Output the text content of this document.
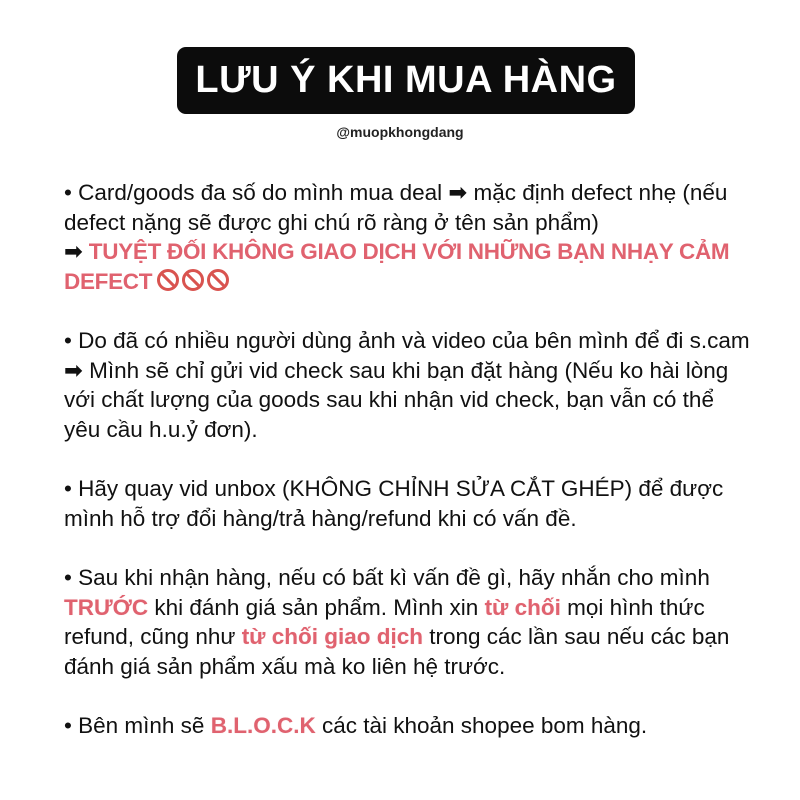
LƯU Ý KHI MUA HÀNG
@muopkhongdang

• Card/goods đa số do mình mua deal ➡ mặc định defect nhẹ (nếu defect nặng sẽ được ghi chú rõ ràng ở tên sản phẩm)
➡ TUYỆT ĐỐI KHÔNG GIAO DỊCH VỚI NHỮNG BẠN NHẠY CẢM DEFECT

• Do đã có nhiều người dùng ảnh và video của bên mình để đi s.cam ➡ Mình sẽ chỉ gửi vid check sau khi bạn đặt hàng (Nếu ko hài lòng với chất lượng của goods sau khi nhận vid check, bạn vẫn có thể yêu cầu h.u.ỷ đơn).

• Hãy quay vid unbox (KHÔNG CHỈNH SỬA CẮT GHÉP) để được mình hỗ trợ đổi hàng/trả hàng/refund khi có vấn đề.

• Sau khi nhận hàng, nếu có bất kì vấn đề gì, hãy nhắn cho mình TRƯỚC khi đánh giá sản phẩm. Mình xin từ chối mọi hình thức refund, cũng như từ chối giao dịch trong các lần sau nếu các bạn đánh giá sản phẩm xấu mà ko liên hệ trước.

• Bên mình sẽ B.L.O.C.K các tài khoản shopee bom hàng.
